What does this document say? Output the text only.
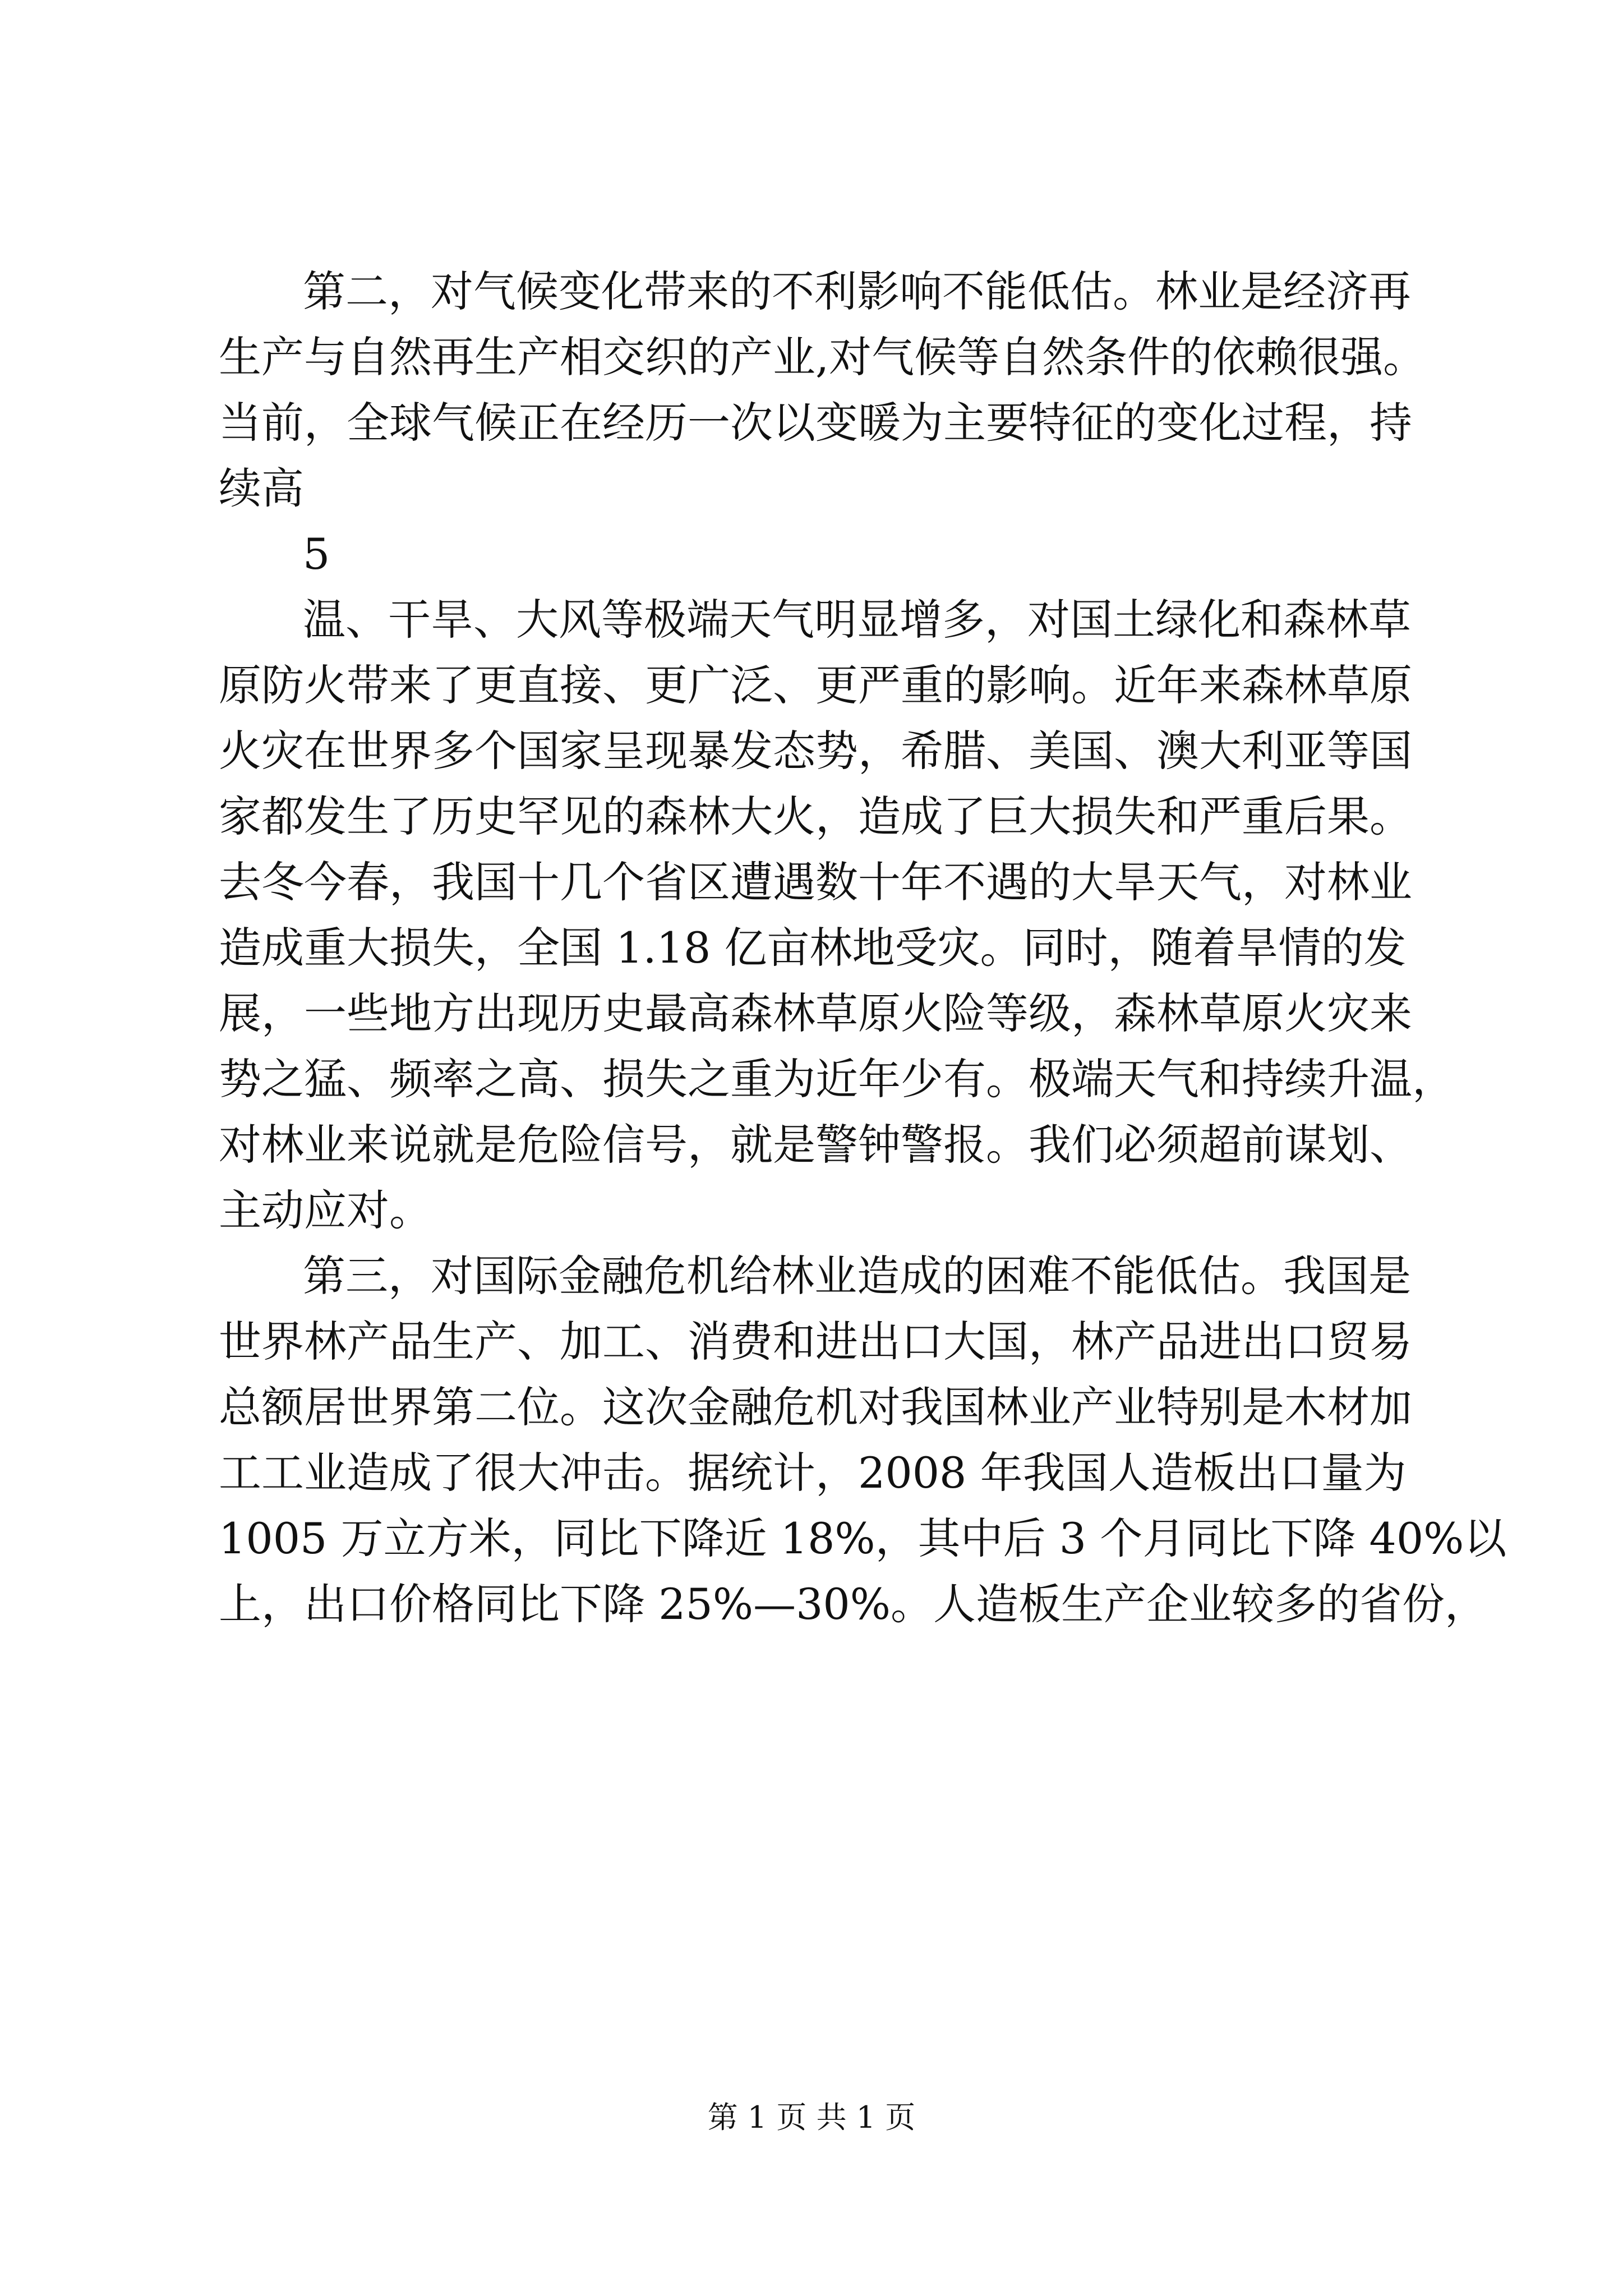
第二，对气候变化带来的不利影响不能低估。林业是经济再
生产与自然再生产相交织的产业,对气候等自然条件的依赖很强。
当前，全球气候正在经历一次以变暖为主要特征的变化过程，持
续高
5
温、干旱、大风等极端天气明显增多，对国土绿化和森林草
原防火带来了更直接、更广泛、更严重的影响。近年来森林草原
火灾在世界多个国家呈现暴发态势，希腊、美国、澳大利亚等国
家都发生了历史罕见的森林大火，造成了巨大损失和严重后果。
去冬今春，我国十几个省区遭遇数十年不遇的大旱天气，对林业
造成重大损失，全国 1.18 亿亩林地受灾。同时，随着旱情的发
展，一些地方出现历史最高森林草原火险等级，森林草原火灾来
势之猛、频率之高、损失之重为近年少有。极端天气和持续升温，
对林业来说就是危险信号，就是警钟警报。我们必须超前谋划、
主动应对。
第三，对国际金融危机给林业造成的困难不能低估。我国是
世界林产品生产、加工、消费和进出口大国，林产品进出口贸易
总额居世界第二位。这次金融危机对我国林业产业特别是木材加
工工业造成了很大冲击。据统计，2008 年我国人造板出口量为
1005 万立方米，同比下降近 18%，其中后 3 个月同比下降 40%以
上，出口价格同比下降 25%—30%。人造板生产企业较多的省份，
第 1 页 共 1 页
